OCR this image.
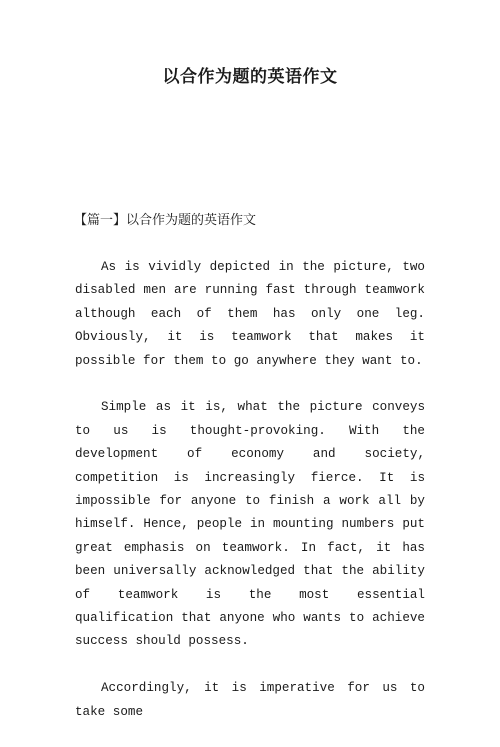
以合作为题的英语作文
【篇一】以合作为题的英语作文

As is vividly depicted in the picture, two disabled men are running fast through teamwork although each of them has only one leg. Obviously, it is teamwork that makes it possible for them to go anywhere they want to.

Simple as it is, what the picture conveys to us is thought-provoking. With the development of economy and society, competition is increasingly fierce. It is impossible for anyone to finish a work all by himself. Hence, people in mounting numbers put great emphasis on teamwork. In fact, it has been universally acknowledged that the ability of teamwork is the most essential qualification that anyone who wants to achieve success should possess.

Accordingly, it is imperative for us to take some
